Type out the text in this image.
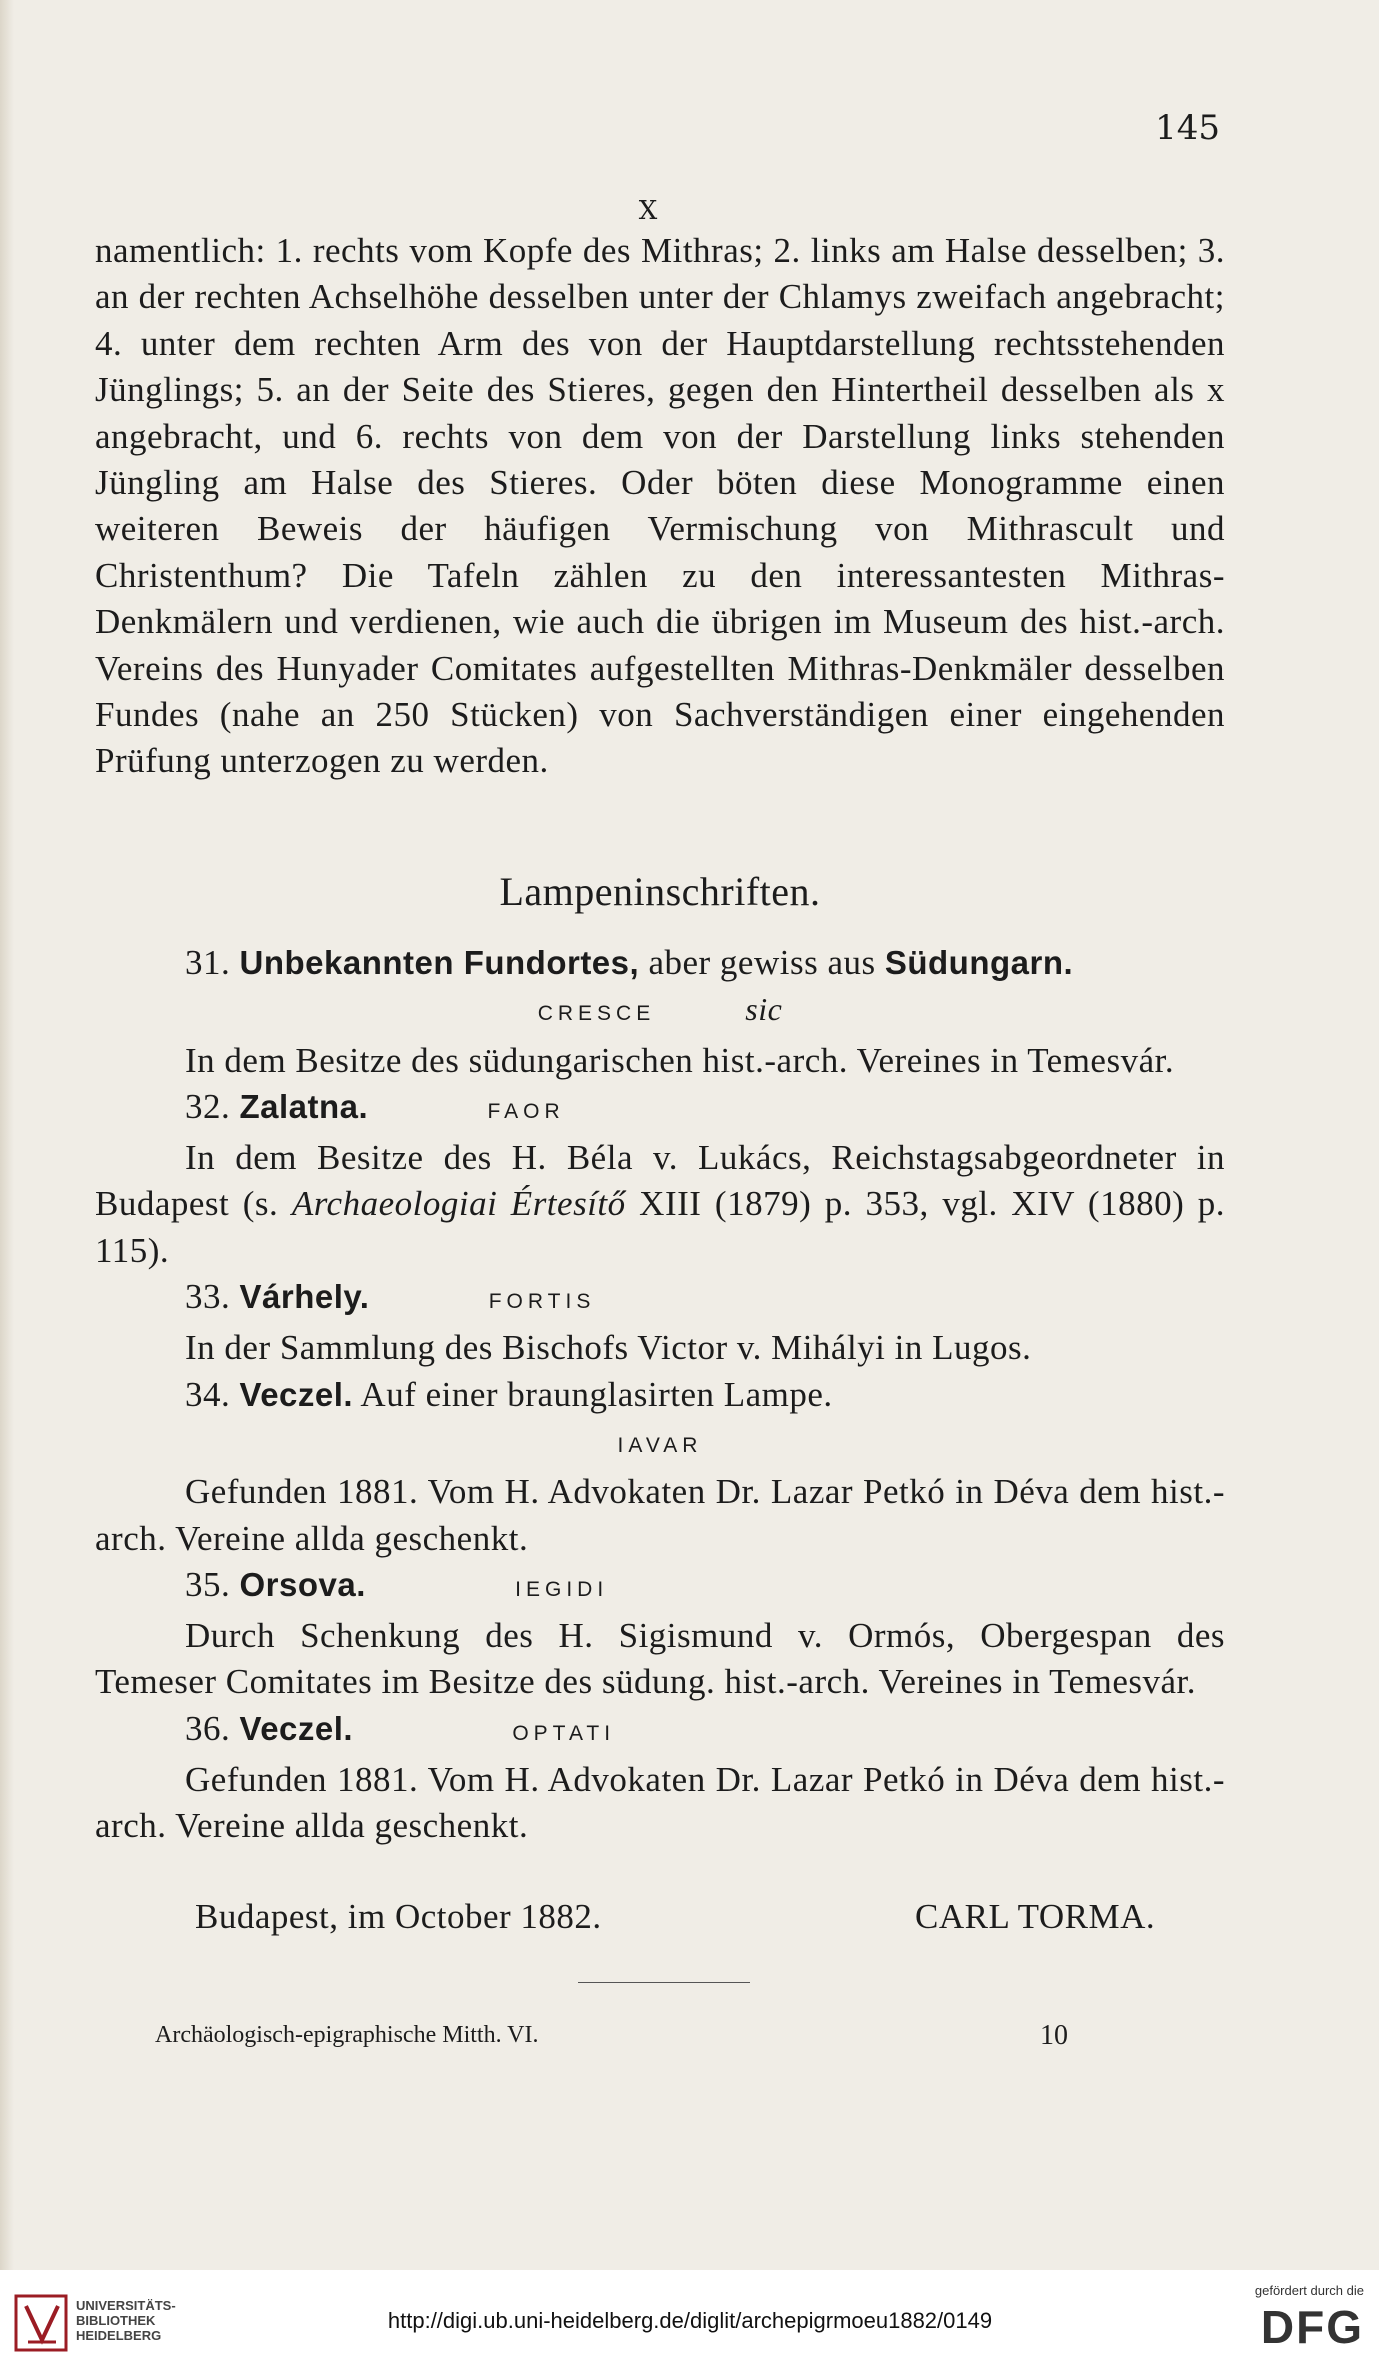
145

X

namentlich: 1. rechts vom Kopfe des Mithras; 2. links am Halse desselben; 3. an der rechten Achselhöhe desselben unter der Chlamys zweifach angebracht; 4. unter dem rechten Arm des von der Hauptdarstellung rechtsstehenden Jünglings; 5. an der Seite des Stieres, gegen den Hintertheil desselben als x angebracht, und 6. rechts von dem von der Darstellung links stehenden Jüngling am Halse des Stieres. Oder böten diese Monogramme einen weiteren Beweis der häufigen Vermischung von Mithrascult und Christenthum? Die Tafeln zählen zu den interessantesten Mithras-Denkmälern und verdienen, wie auch die übrigen im Museum des hist.-arch. Vereins des Hunyader Comitates aufgestellten Mithras-Denkmäler desselben Fundes (nahe an 250 Stücken) von Sachverständigen einer eingehenden Prüfung unterzogen zu werden.

Lampeninschriften.

31. Unbekannten Fundortes, aber gewiss aus Südungarn.

CRESCE	sic

In dem Besitze des südungarischen hist.-arch. Vereines in Temesvár.

32. Zalatna.	FAOR

In dem Besitze des H. Béla v. Lukács, Reichstagsabgeordneter in Budapest (s. Archaeologiai Értesítő XIII (1879) p. 353, vgl. XIV (1880) p. 115).

33. Várhely.	FORTIS

In der Sammlung des Bischofs Victor v. Mihályi in Lugos.

34. Veczel. Auf einer braunglasirten Lampe.

IAVAR

Gefunden 1881. Vom H. Advokaten Dr. Lazar Petkó in Déva dem hist.-arch. Vereine allda geschenkt.

35. Orsova.	IEGIDI

Durch Schenkung des H. Sigismund v. Ormós, Obergespan des Temeser Comitates im Besitze des südung. hist.-arch. Vereines in Temesvár.

36. Veczel.	OPTATI

Gefunden 1881. Vom H. Advokaten Dr. Lazar Petkó in Déva dem hist.-arch. Vereine allda geschenkt.

Budapest, im October 1882.	CARL TORMA.

Archäologisch-epigraphische Mitth. VI.	10

UNIVERSITÄTS-
BIBLIOTHEK
HEIDELBERG

http://digi.ub.uni-heidelberg.de/diglit/archepigrmoeu1882/0149
gefördert durch die

DFG
